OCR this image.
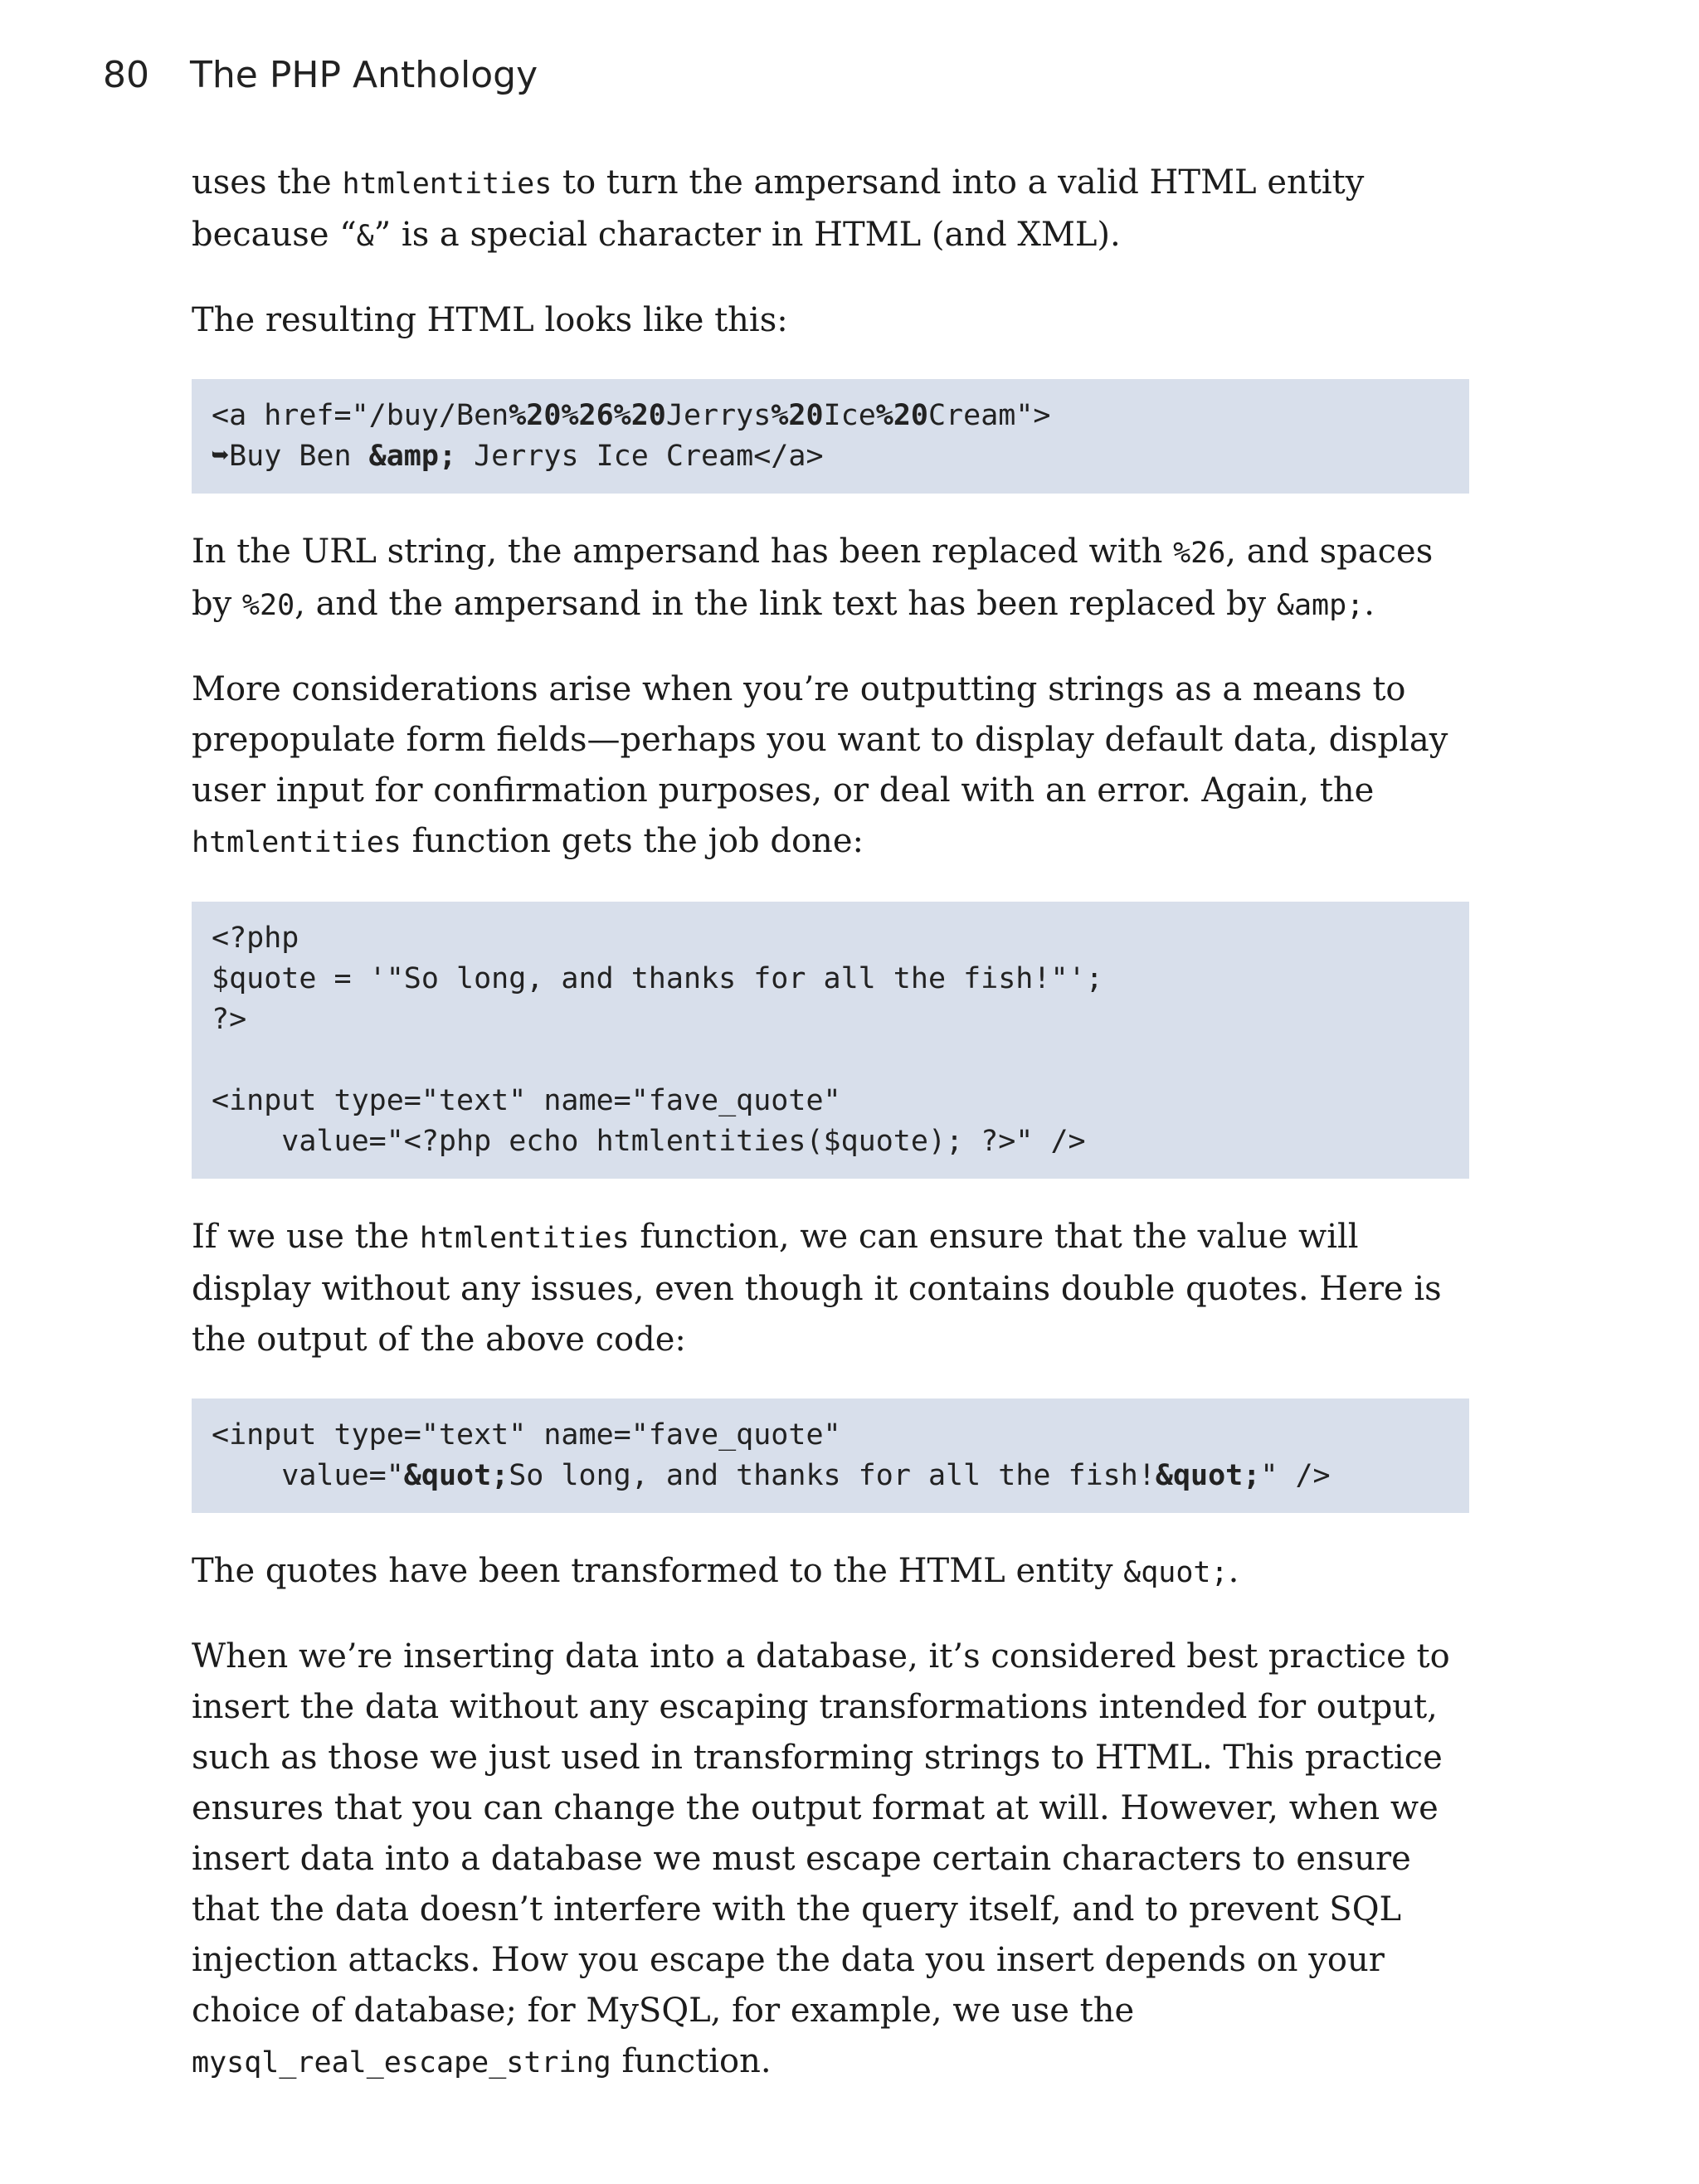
80	The PHP Anthology

uses the htmlentities to turn the ampersand into a valid HTML entity because “&” is a special character in HTML (and XML).

The resulting HTML looks like this:

<a href="/buy/Ben%20%26%20Jerrys%20Ice%20Cream">
➥Buy Ben &amp; Jerrys Ice Cream</a>

In the URL string, the ampersand has been replaced with %26, and spaces by %20, and the ampersand in the link text has been replaced by &amp;.

More considerations arise when you’re outputting strings as a means to prepopulate form fields—perhaps you want to display default data, display user input for confirmation purposes, or deal with an error. Again, the htmlentities function gets the job done:

<?php
$quote = '"So long, and thanks for all the fish!"';
?>
<input type="text" name="fave_quote"
value="<?php echo htmlentities($quote); ?>" />

If we use the htmlentities function, we can ensure that the value will display without any issues, even though it contains double quotes. Here is the output of the above code:

<input type="text" name="fave_quote"
value="&quot;So long, and thanks for all the fish!&quot;" />

The quotes have been transformed to the HTML entity &quot;.

When we’re inserting data into a database, it’s considered best practice to insert the data without any escaping transformations intended for output, such as those we just used in transforming strings to HTML. This practice ensures that you can change the output format at will. However, when we insert data into a database we must escape certain characters to ensure that the data doesn’t interfere with the query itself, and to prevent SQL injection attacks. How you escape the data you insert depends on your choice of database; for MySQL, for example, we use the mysql_real_escape_string function.
